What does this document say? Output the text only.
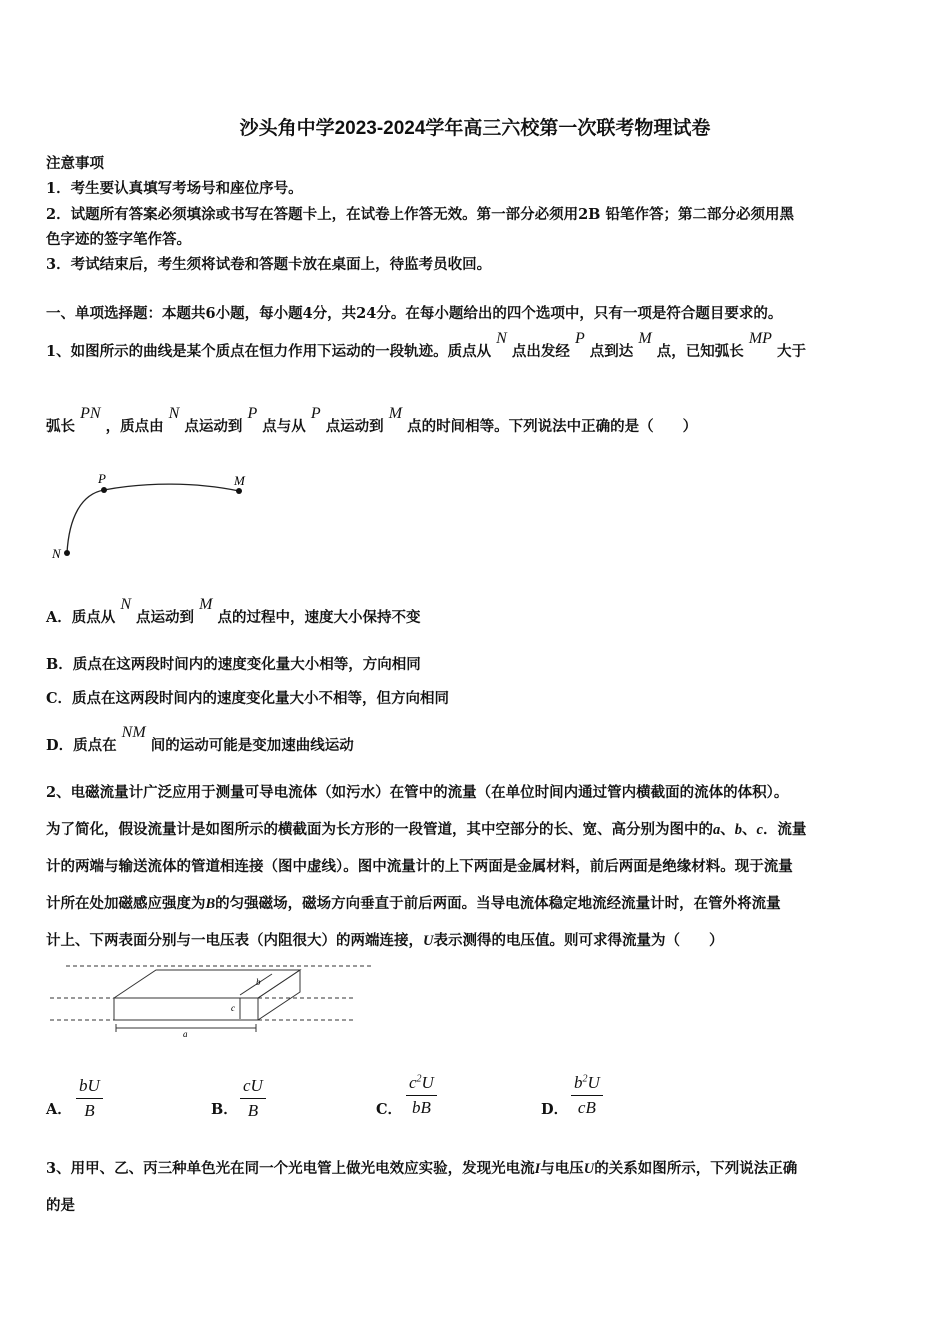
沙头角中学2023-2024学年高三六校第一次联考物理试卷
注意事项
1．考生要认真填写考场号和座位序号。
2．试题所有答案必须填涂或书写在答题卡上，在试卷上作答无效。第一部分必须用2B 铅笔作答；第二部分必须用黑
色字迹的签字笔作答。
3．考试结束后，考生须将试卷和答题卡放在桌面上，待监考员收回。
一、单项选择题：本题共6小题，每小题4分，共24分。在每小题给出的四个选项中，只有一项是符合题目要求的。
1、如图所示的曲线是某个质点在恒力作用下运动的一段轨迹。质点从 N 点出发经 P 点到达 M 点，已知弧长 MP 大于
弧长 PN ，质点由 N 点运动到 P 点与从 P 点运动到 M 点的时间相等。下列说法中正确的是（　　）
P	M
N
A．质点从 N 点运动到 M 点的过程中，速度大小保持不变
B．质点在这两段时间内的速度变化量大小相等，方向相同
C．质点在这两段时间内的速度变化量大小不相等，但方向相同
D．质点在 NM 间的运动可能是变加速曲线运动
2、电磁流量计广泛应用于测量可导电流体（如污水）在管中的流量（在单位时间内通过管内横截面的流体的体积）。
为了简化，假设流量计是如图所示的横截面为长方形的一段管道，其中空部分的长、宽、高分别为图中的a、b、c．流量
计的两端与输送流体的管道相连接（图中虚线）。图中流量计的上下两面是金属材料，前后两面是绝缘材料。现于流量
计所在处加磁感应强度为B的匀强磁场，磁场方向垂直于前后两面。当导电流体稳定地流经流量计时，在管外将流量
计上、下两表面分别与一电压表（内阻很大）的两端连接，U表示测得的电压值。则可求得流量为（　　）
a
b
c
A．
bU
B	B．
cU
B	C．
$c^2U$
bB	D．
$b^2U$
cB
3、用甲、乙、丙三种单色光在同一个光电管上做光电效应实验，发现光电流I与电压U的关系如图所示，下列说法正确
的是
